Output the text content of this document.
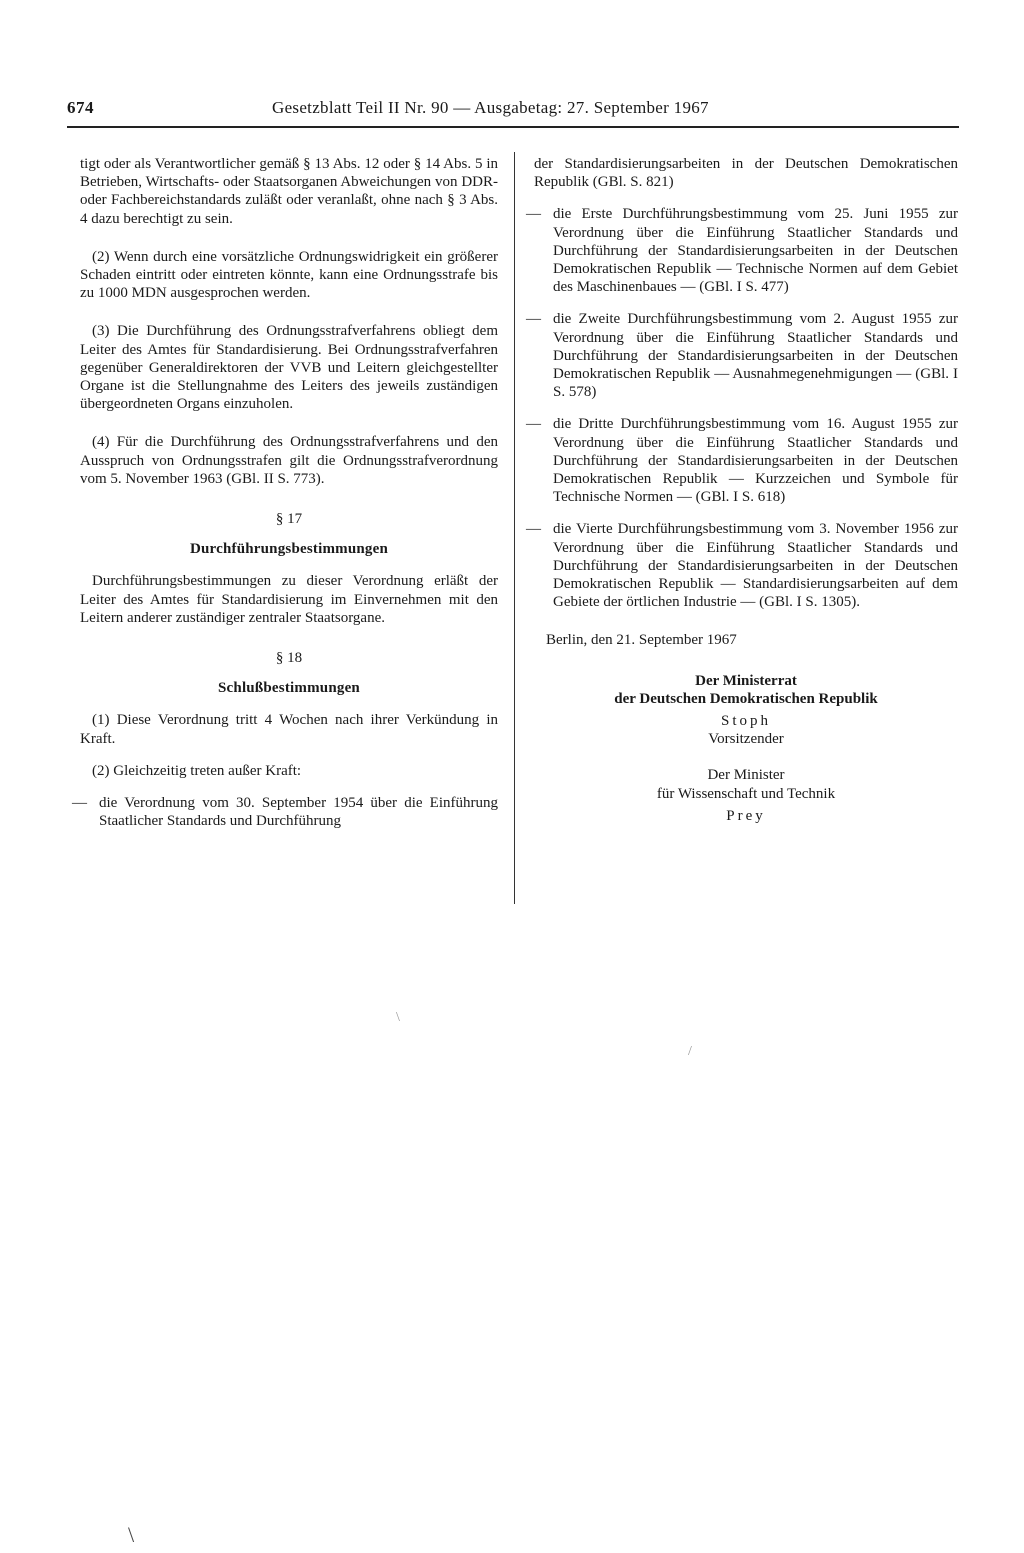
674	Gesetzblatt Teil II Nr. 90 — Ausgabetag: 27. September 1967

tigt oder als Verantwortlicher gemäß § 13 Abs. 12 oder § 14 Abs. 5 in Betrieben, Wirtschafts- oder Staatsorganen Abweichungen von DDR- oder Fachbereichstandards zuläßt oder veranlaßt, ohne nach § 3 Abs. 4 dazu berechtigt zu sein.

(2) Wenn durch eine vorsätzliche Ordnungswidrigkeit ein größerer Schaden eintritt oder eintreten könnte, kann eine Ordnungsstrafe bis zu 1000 MDN ausgesprochen werden.

(3) Die Durchführung des Ordnungsstrafverfahrens obliegt dem Leiter des Amtes für Standardisierung. Bei Ordnungsstrafverfahren gegenüber Generaldirektoren der VVB und Leitern gleichgestellter Organe ist die Stellungnahme des Leiters des jeweils zuständigen übergeordneten Organs einzuholen.

(4) Für die Durchführung des Ordnungsstrafverfahrens und den Ausspruch von Ordnungsstrafen gilt die Ordnungsstrafverordnung vom 5. November 1963 (GBl. II S. 773).

§ 17
Durchführungsbestimmungen

Durchführungsbestimmungen zu dieser Verordnung erläßt der Leiter des Amtes für Standardisierung im Einvernehmen mit den Leitern anderer zuständiger zentraler Staatsorgane.

§ 18
Schlußbestimmungen

(1) Diese Verordnung tritt 4 Wochen nach ihrer Verkündung in Kraft.

(2) Gleichzeitig treten außer Kraft:

— die Verordnung vom 30. September 1954 über die Einführung Staatlicher Standards und Durchführung

der Standardisierungsarbeiten in der Deutschen Demokratischen Republik (GBl. S. 821)

— die Erste Durchführungsbestimmung vom 25. Juni 1955 zur Verordnung über die Einführung Staatlicher Standards und Durchführung der Standardisierungsarbeiten in der Deutschen Demokratischen Republik — Technische Normen auf dem Gebiet des Maschinenbaues — (GBl. I S. 477)
— die Zweite Durchführungsbestimmung vom 2. August 1955 zur Verordnung über die Einführung Staatlicher Standards und Durchführung der Standardisierungsarbeiten in der Deutschen Demokratischen Republik — Ausnahmegenehmigungen — (GBl. I S. 578)
— die Dritte Durchführungsbestimmung vom 16. August 1955 zur Verordnung über die Einführung Staatlicher Standards und Durchführung der Standardisierungsarbeiten in der Deutschen Demokratischen Republik — Kurzzeichen und Symbole für Technische Normen — (GBl. I S. 618)
— die Vierte Durchführungsbestimmung vom 3. November 1956 zur Verordnung über die Einführung Staatlicher Standards und Durchführung der Standardisierungsarbeiten in der Deutschen Demokratischen Republik — Standardisierungsarbeiten auf dem Gebiete der örtlichen Industrie — (GBl. I S. 1305).

Berlin, den 21. September 1967

Der Ministerrat
der Deutschen Demokratischen Republik
Stoph
Vorsitzender
Der Minister
für Wissenschaft und Technik
Prey
\
/
\
